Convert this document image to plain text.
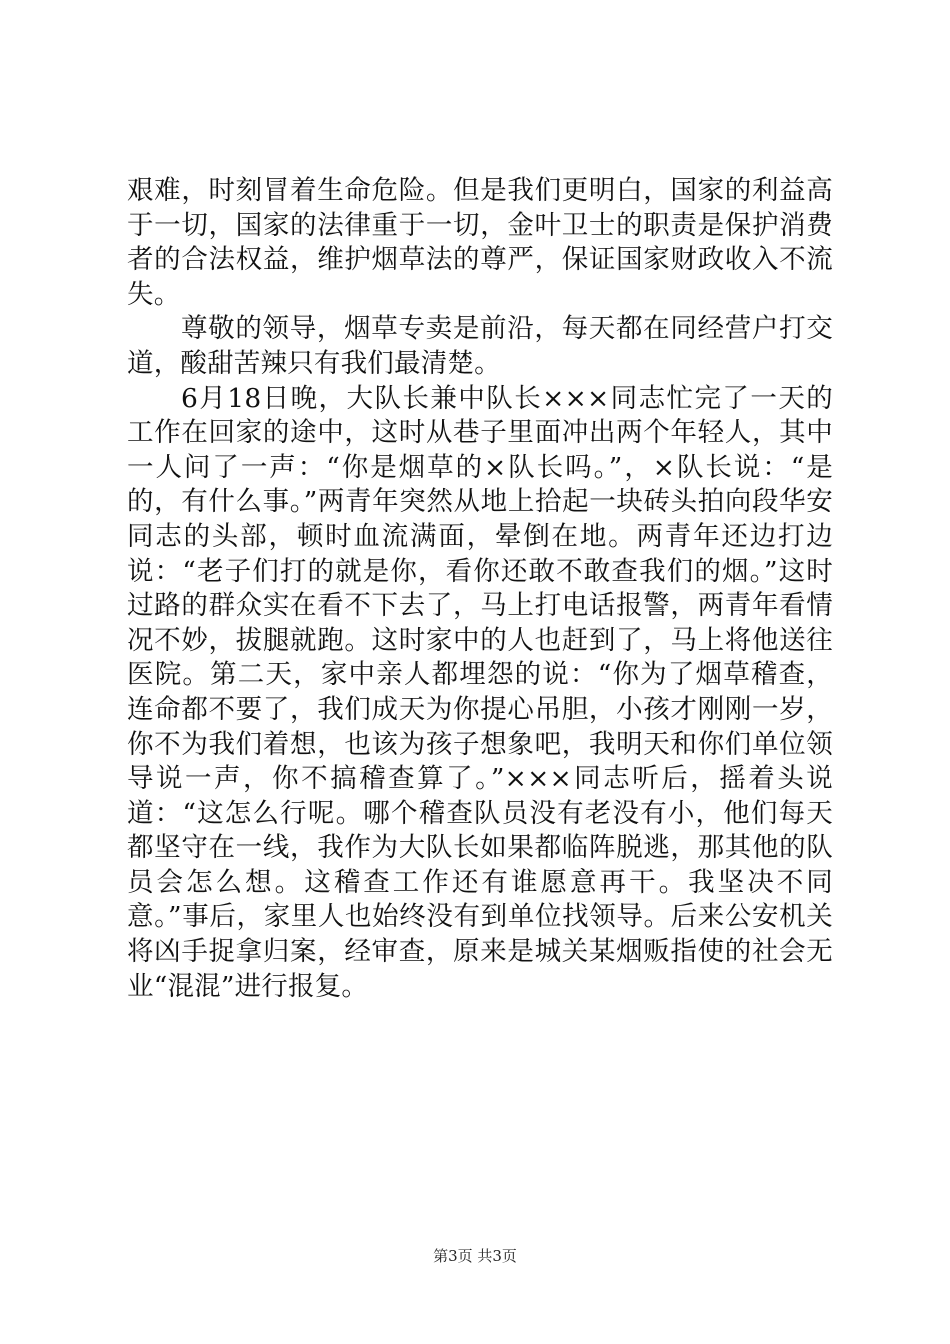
艰难，时刻冒着生命危险。但是我们更明白，国家的利益高于一切，国家的法律重于一切，金叶卫士的职责是保护消费者的合法权益，维护烟草法的尊严，保证国家财政收入不流失。

尊敬的领导，烟草专卖是前沿，每天都在同经营户打交道，酸甜苦辣只有我们最清楚。

6月18日晚，大队长兼中队长×××同志忙完了一天的工作在回家的途中，这时从巷子里面冲出两个年轻人，其中一人问了一声：“你是烟草的×队长吗。”，×队长说：“是的，有什么事。”两青年突然从地上拾起一块砖头拍向段华安同志的头部，顿时血流满面，晕倒在地。两青年还边打边说：“老子们打的就是你，看你还敢不敢查我们的烟。”这时过路的群众实在看不下去了，马上打电话报警，两青年看情况不妙，拔腿就跑。这时家中的人也赶到了，马上将他送往医院。第二天，家中亲人都埋怨的说：“你为了烟草稽查，连命都不要了，我们成天为你提心吊胆，小孩才刚刚一岁，你不为我们着想，也该为孩子想象吧，我明天和你们单位领导说一声，你不搞稽查算了。”×××同志听后，摇着头说道：“这怎么行呢。哪个稽查队员没有老没有小，他们每天都坚守在一线，我作为大队长如果都临阵脱逃，那其他的队员会怎么想。这稽查工作还有谁愿意再干。我坚决不同意。”事后，家里人也始终没有到单位找领导。后来公安机关将凶手捉拿归案，经审查，原来是城关某烟贩指使的社会无业“混混”进行报复。

第3页 共3页
